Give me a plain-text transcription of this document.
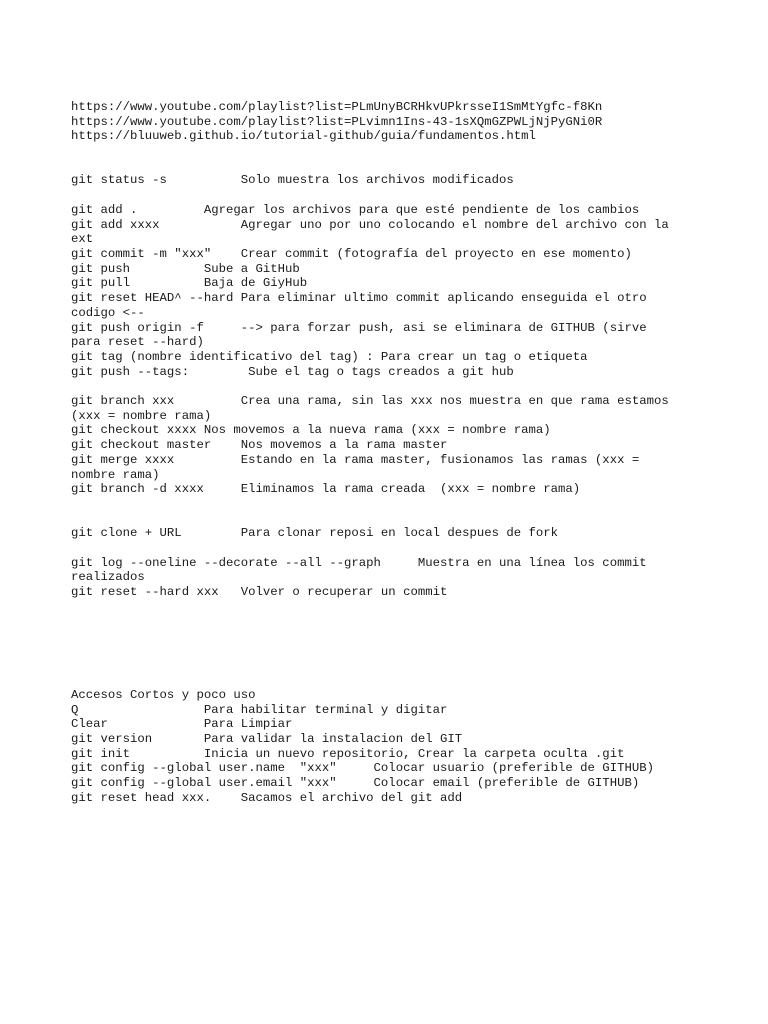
https://www.youtube.com/playlist?list=PLmUnyBCRHkvUPkrsseI1SmMtYgfc-f8Kn
https://www.youtube.com/playlist?list=PLvimn1Ins-43-1sXQmGZPWLjNjPyGNi0R
https://bluuweb.github.io/tutorial-github/guia/fundamentos.html
git status -s          Solo muestra los archivos modificados
git add .         Agregar los archivos para que esté pendiente de los cambios
git add xxxx           Agregar uno por uno colocando el nombre del archivo con la
ext
git commit -m "xxx"    Crear commit (fotografía del proyecto en ese momento)
git push          Sube a GitHub
git pull          Baja de GiyHub
git reset HEAD^ --hard Para eliminar ultimo commit aplicando enseguida el otro
codigo <--
git push origin -f     --> para forzar push, asi se eliminara de GITHUB (sirve
para reset --hard)
git tag (nombre identificativo del tag) : Para crear un tag o etiqueta
git push --tags:        Sube el tag o tags creados a git hub
git branch xxx         Crea una rama, sin las xxx nos muestra en que rama estamos
(xxx = nombre rama)
git checkout xxxx Nos movemos a la nueva rama (xxx = nombre rama)
git checkout master    Nos movemos a la rama master
git merge xxxx         Estando en la rama master, fusionamos las ramas (xxx =
nombre rama)
git branch -d xxxx     Eliminamos la rama creada  (xxx = nombre rama)
git clone + URL        Para clonar reposi en local despues de fork
git log --oneline --decorate --all --graph     Muestra en una línea los commit
realizados
git reset --hard xxx   Volver o recuperar un commit
Accesos Cortos y poco uso
Q                 Para habilitar terminal y digitar
Clear             Para Limpiar
git version       Para validar la instalacion del GIT
git init          Inicia un nuevo repositorio, Crear la carpeta oculta .git
git config --global user.name  "xxx"     Colocar usuario (preferible de GITHUB)
git config --global user.email "xxx"     Colocar email (preferible de GITHUB)
git reset head xxx.    Sacamos el archivo del git add
